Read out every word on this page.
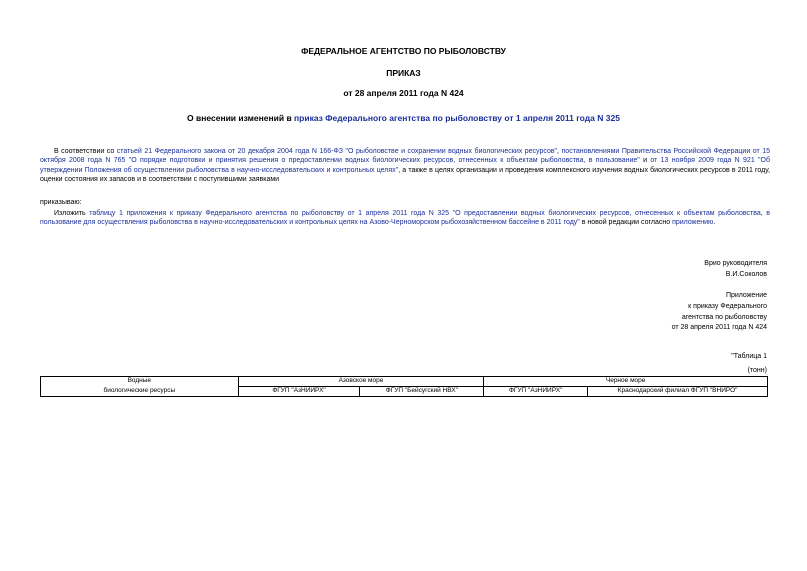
ФЕДЕРАЛЬНОЕ АГЕНТСТВО ПО РЫБОЛОВСТВУ
ПРИКАЗ
от 28 апреля 2011 года N 424
О внесении изменений в приказ Федерального агентства по рыболовству от 1 апреля 2011 года N 325
В соответствии со статьей 21 Федерального закона от 20 декабря 2004 года N 166-ФЗ "О рыболовстве и сохранении водных биологических ресурсов", постановлениями Правительства Российской Федерации от 15 октября 2008 года N 765 "О порядке подготовки и принятия решения о предоставлении водных биологических ресурсов, отнесенных к объектам рыболовства, в пользование" и от 13 ноября 2009 года N 921 "Об утверждении Положения об осуществлении рыболовства в научно-исследовательских и контрольных целях", а также в целях организации и проведения комплексного изучения водных биологических ресурсов в 2011 году, оценки состояния их запасов и в соответствии с поступившими заявками
приказываю:
Изложить таблицу 1 приложения к приказу Федерального агентства по рыболовству от 1 апреля 2011 года N 325 "О предоставлении водных биологических ресурсов, отнесенных к объектам рыболовства, в пользование для осуществления рыболовства в научно-исследовательских и контрольных целях на Азово-Черноморском рыбохозяйственном бассейне в 2011 году" в новой редакции согласно приложению.
Врио руководителя
В.И.Соколов
Приложение
к приказу Федерального
агентства по рыболовству
от 28 апреля 2011 года N 424
"Таблица 1
(тонн)
Водные	Азовское море		Черное море	
биологические ресурсы	ФГУП "АзНИИРХ"	ФГУП "Бейсугский НВХ"	ФГУП "АзНИИРХ"	Краснодарский филиал ФГУП "ВНИРО"
